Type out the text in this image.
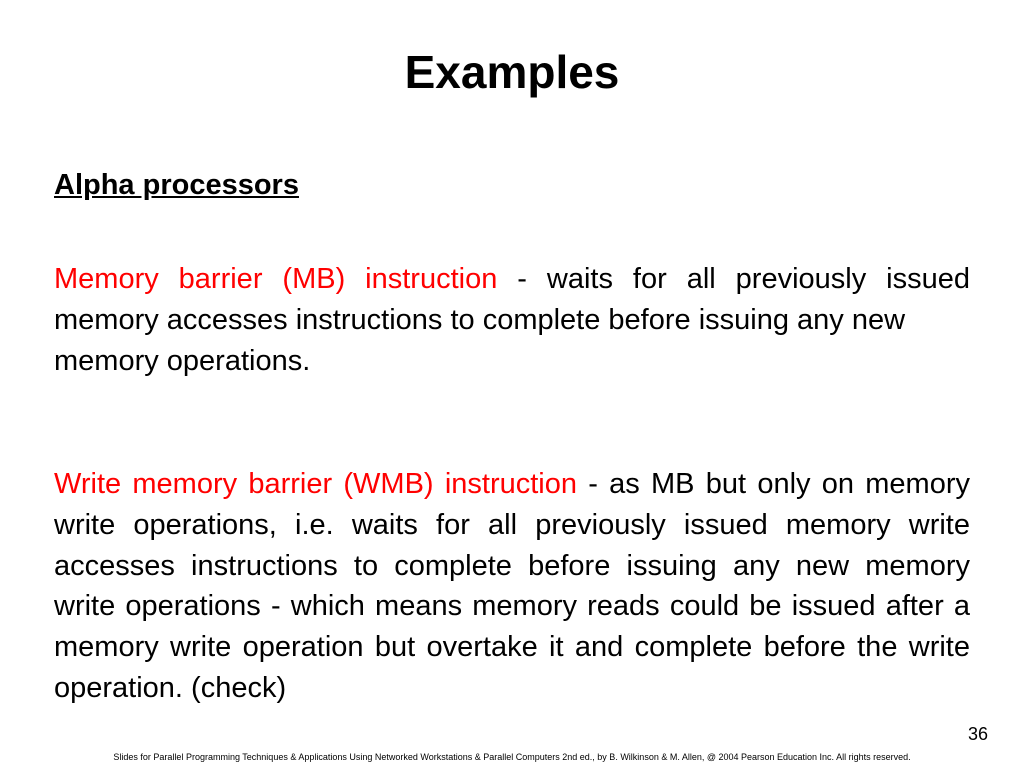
Examples
Alpha processors
Memory barrier (MB) instruction - waits for all previously issued memory accesses instructions to complete before issuing any new
memory operations.
Write memory barrier (WMB) instruction - as MB but only on memory write operations, i.e. waits for all previously issued memory write accesses instructions to complete before issuing any new memory write operations - which means memory reads could be issued after a memory write operation but overtake it and complete before the write operation. (check)
36
Slides for Parallel Programming Techniques & Applications Using Networked Workstations & Parallel Computers 2nd ed., by B. Wilkinson & M. Allen, @ 2004 Pearson Education Inc. All rights reserved.
